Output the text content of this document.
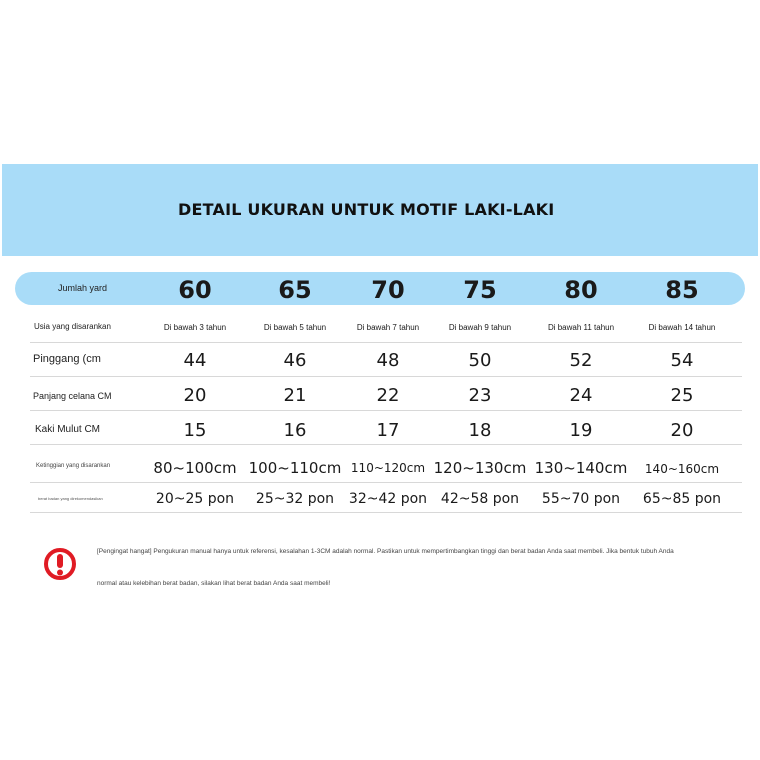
DETAIL UKURAN UNTUK MOTIF LAKI-LAKI
Jumlah yard	60	65	70	75	80	85
Usia yang disarankan	Di bawah 3 tahun	Di bawah 5 tahun	Di bawah 7 tahun	Di bawah 9 tahun	Di bawah 11 tahun	Di bawah 14 tahun
Pinggang (cm	44	46	48	50	52	54
Panjang celana CM	20	21	22	23	24	25
Kaki Mulut CM	15	16	17	18	19	20
Ketinggian yang disarankan	80~100cm 100~110cm 110~120cm 120~130cm 130~140cm	140~160cm
berat badan yang direkomendasikan	20~25 pon	25~32 pon	32~42 pon 42~58 pon	55~70 pon	65~85 pon
[Pengingat hangat] Pengukuran manual hanya untuk referensi, kesalahan 1-3CM adalah normal. Pastikan untuk mempertimbangkan tinggi dan berat badan Anda saat membeli. Jika bentuk tubuh Anda
normal atau kelebihan berat badan, silakan lihat berat badan Anda saat membeli!
